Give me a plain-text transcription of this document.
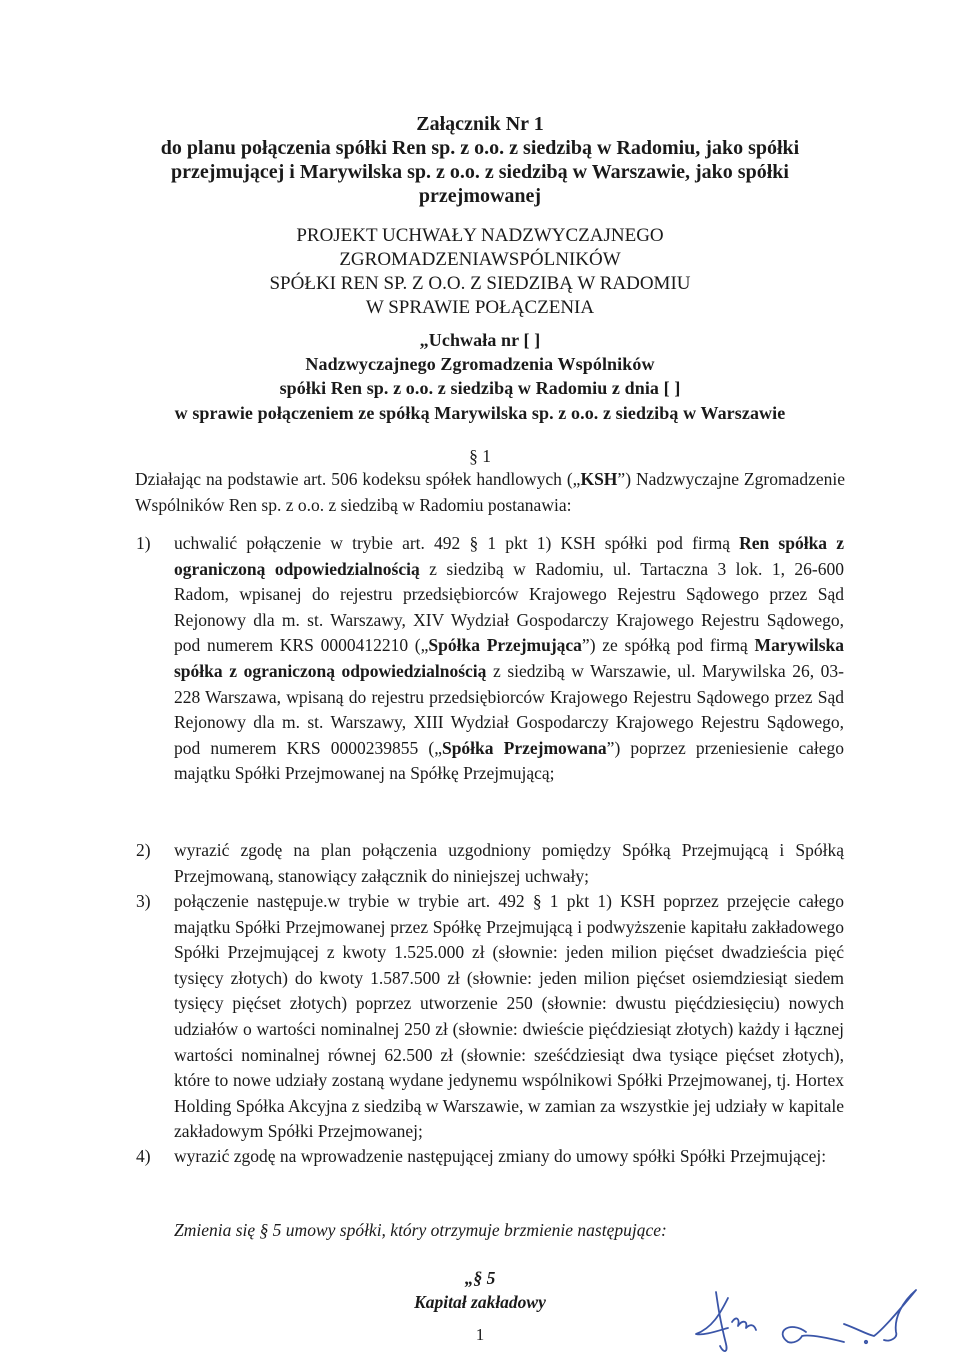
Załącznik Nr 1
do planu połączenia spółki Ren sp. z o.o. z siedzibą w Radomiu, jako spółki
przejmującej i Marywilska sp. z o.o. z siedzibą w Warszawie, jako spółki
przejmowanej
PROJEKT UCHWAŁY NADZWYCZAJNEGO
ZGROMADZENIAWSPÓLNIKÓW
SPÓŁKI REN SP. Z O.O. Z SIEDZIBĄ W RADOMIU
W SPRAWIE POŁĄCZENIA
„Uchwała nr [ ]
Nadzwyczajnego Zgromadzenia Wspólników
spółki Ren sp. z o.o. z siedzibą w Radomiu z dnia [ ]
w sprawie połączeniem ze spółką Marywilska sp. z o.o. z siedzibą w Warszawie
§ 1
Działając na podstawie art. 506 kodeksu spółek handlowych („KSH”) Nadzwyczajne Zgromadzenie Wspólników Ren sp. z o.o. z siedzibą w Radomiu postanawia:
1)	uchwalić połączenie w trybie art. 492 § 1 pkt 1) KSH spółki pod firmą Ren spółka z ograniczoną odpowiedzialnością z siedzibą w Radomiu, ul. Tartaczna 3 lok. 1, 26-600 Radom, wpisanej do rejestru przedsiębiorców Krajowego Rejestru Sądowego przez Sąd Rejonowy dla m. st. Warszawy, XIV Wydział Gospodarczy Krajowego Rejestru Sądowego, pod numerem KRS 0000412210 („Spółka Przejmująca”) ze spółką pod firmą Marywilska spółka z ograniczoną odpowiedzialnością z siedzibą w Warszawie, ul. Marywilska 26, 03-228 Warszawa, wpisaną do rejestru przedsiębiorców Krajowego Rejestru Sądowego przez Sąd Rejonowy dla m. st. Warszawy, XIII Wydział Gospodarczy Krajowego Rejestru Sądowego, pod numerem KRS 0000239855 („Spółka Przejmowana”) poprzez przeniesienie całego majątku Spółki Przejmowanej na Spółkę Przejmującą;
2)	wyrazić zgodę na plan połączenia uzgodniony pomiędzy Spółką Przejmującą i Spółką Przejmowaną, stanowiący załącznik do niniejszej uchwały;
3)	połączenie następuje.w trybie w trybie art. 492 § 1 pkt 1) KSH poprzez przejęcie całego majątku Spółki Przejmowanej przez Spółkę Przejmującą i podwyższenie kapitału zakładowego Spółki Przejmującej z kwoty 1.525.000 zł (słownie: jeden milion pięćset dwadzieścia pięć tysięcy złotych) do kwoty 1.587.500 zł (słownie: jeden milion pięćset osiemdziesiąt siedem tysięcy pięćset złotych) poprzez utworzenie 250 (słownie: dwustu pięćdziesięciu) nowych udziałów o wartości nominalnej 250 zł (słownie: dwieście pięćdziesiąt złotych) każdy i łącznej wartości nominalnej równej 62.500 zł (słownie: sześćdziesiąt dwa tysiące pięćset złotych), które to nowe udziały zostaną wydane jedynemu wspólnikowi Spółki Przejmowanej, tj. Hortex Holding Spółka Akcyjna z siedzibą w Warszawie, w zamian za wszystkie jej udziały w kapitale zakładowym Spółki Przejmowanej;
4)	wyrazić zgodę na wprowadzenie następującej zmiany do umowy spółki Spółki Przejmującej:
Zmienia się § 5 umowy spółki, który otrzymuje brzmienie następujące:
„§ 5
Kapitał zakładowy
1
